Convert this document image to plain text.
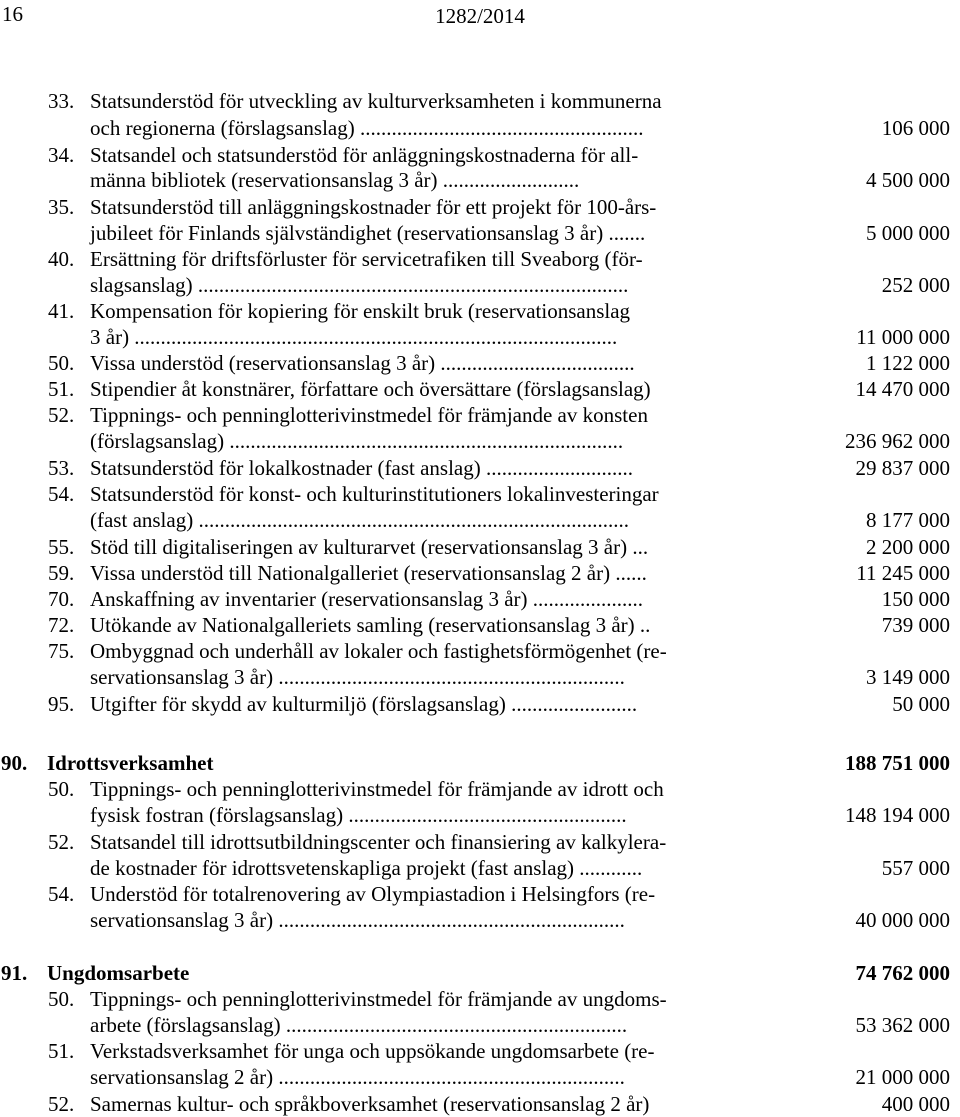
16	1282/2014
33. Statsunderstöd för utveckling av kulturverksamheten i kommunerna
och regionerna (förslagsanslag) ......................................................	106 000
34. Statsandel och statsunderstöd för anläggningskostnaderna för all-
männa bibliotek (reservationsanslag 3 år) ..........................	4 500 000
35. Statsunderstöd till anläggningskostnader för ett projekt för 100-års-
jubileet för Finlands självständighet (reservationsanslag 3 år) .......	5 000 000
40. Ersättning för driftsförluster för servicetrafiken till Sveaborg (för-
slagsanslag) ..................................................................................	252 000
41. Kompensation för kopiering för enskilt bruk (reservationsanslag
3 år) ............................................................................................	11 000 000
50. Vissa understöd (reservationsanslag 3 år) .....................................	1 122 000
51. Stipendier åt konstnärer, författare och översättare (förslagsanslag)	14 470 000
52. Tippnings- och penninglotterivinstmedel för främjande av konsten
(förslagsanslag) ...........................................................................	236 962 000
53. Statsunderstöd för lokalkostnader (fast anslag) ............................	29 837 000
54. Statsunderstöd för konst- och kulturinstitutioners lokalinvesteringar
(fast anslag) ..................................................................................	8 177 000
55. Stöd till digitaliseringen av kulturarvet (reservationsanslag 3 år) ...	2 200 000
59. Vissa understöd till Nationalgalleriet (reservationsanslag 2 år) ......	11 245 000
70. Anskaffning av inventarier (reservationsanslag 3 år) .....................	150 000
72. Utökande av Nationalgalleriets samling (reservationsanslag 3 år) ..	739 000
75. Ombyggnad och underhåll av lokaler och fastighetsförmögenhet (re-
servationsanslag 3 år) ..................................................................	3 149 000
95. Utgifter för skydd av kulturmiljö (förslagsanslag) ........................	50 000
90. Idrottsverksamhet	188 751 000
50. Tippnings- och penninglotterivinstmedel för främjande av idrott och
fysisk fostran (förslagsanslag) .....................................................	148 194 000
52. Statsandel till idrottsutbildningscenter och finansiering av kalkylera-
de kostnader för idrottsvetenskapliga projekt (fast anslag) ............	557 000
54. Understöd för totalrenovering av Olympiastadion i Helsingfors (re-
servationsanslag 3 år) ..................................................................	40 000 000
91. Ungdomsarbete	74 762 000
50. Tippnings- och penninglotterivinstmedel för främjande av ungdoms-
arbete (förslagsanslag) .................................................................	53 362 000
51. Verkstadsverksamhet för unga och uppsökande ungdomsarbete (re-
servationsanslag 2 år) ..................................................................	21 000 000
52. Samernas kultur- och språkboverksamhet (reservationsanslag 2 år)	400 000
